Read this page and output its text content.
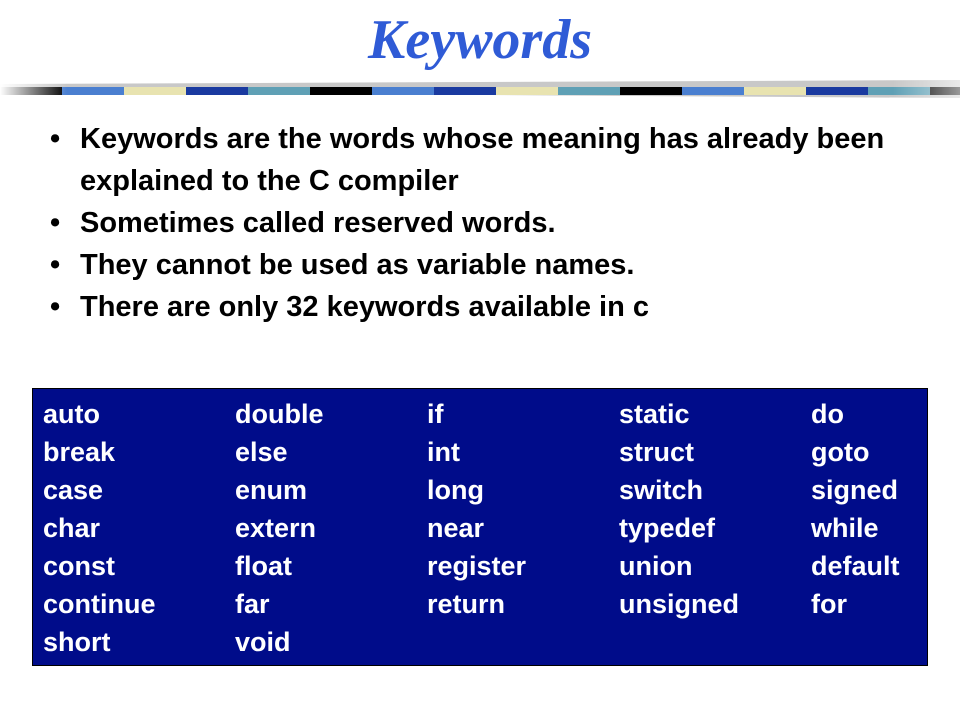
Keywords
• Keywords are the words whose meaning has already been explained to the C compiler
• Sometimes called reserved words.
• They cannot be used as variable names.
• There are only 32 keywords available in c
auto	double	if	static	do
break	else	int	struct	goto
case	enum	long	switch	signed
char	extern	near	typedef	while
const	float	register	union	default
continue	far	return	unsigned	for
short	void
